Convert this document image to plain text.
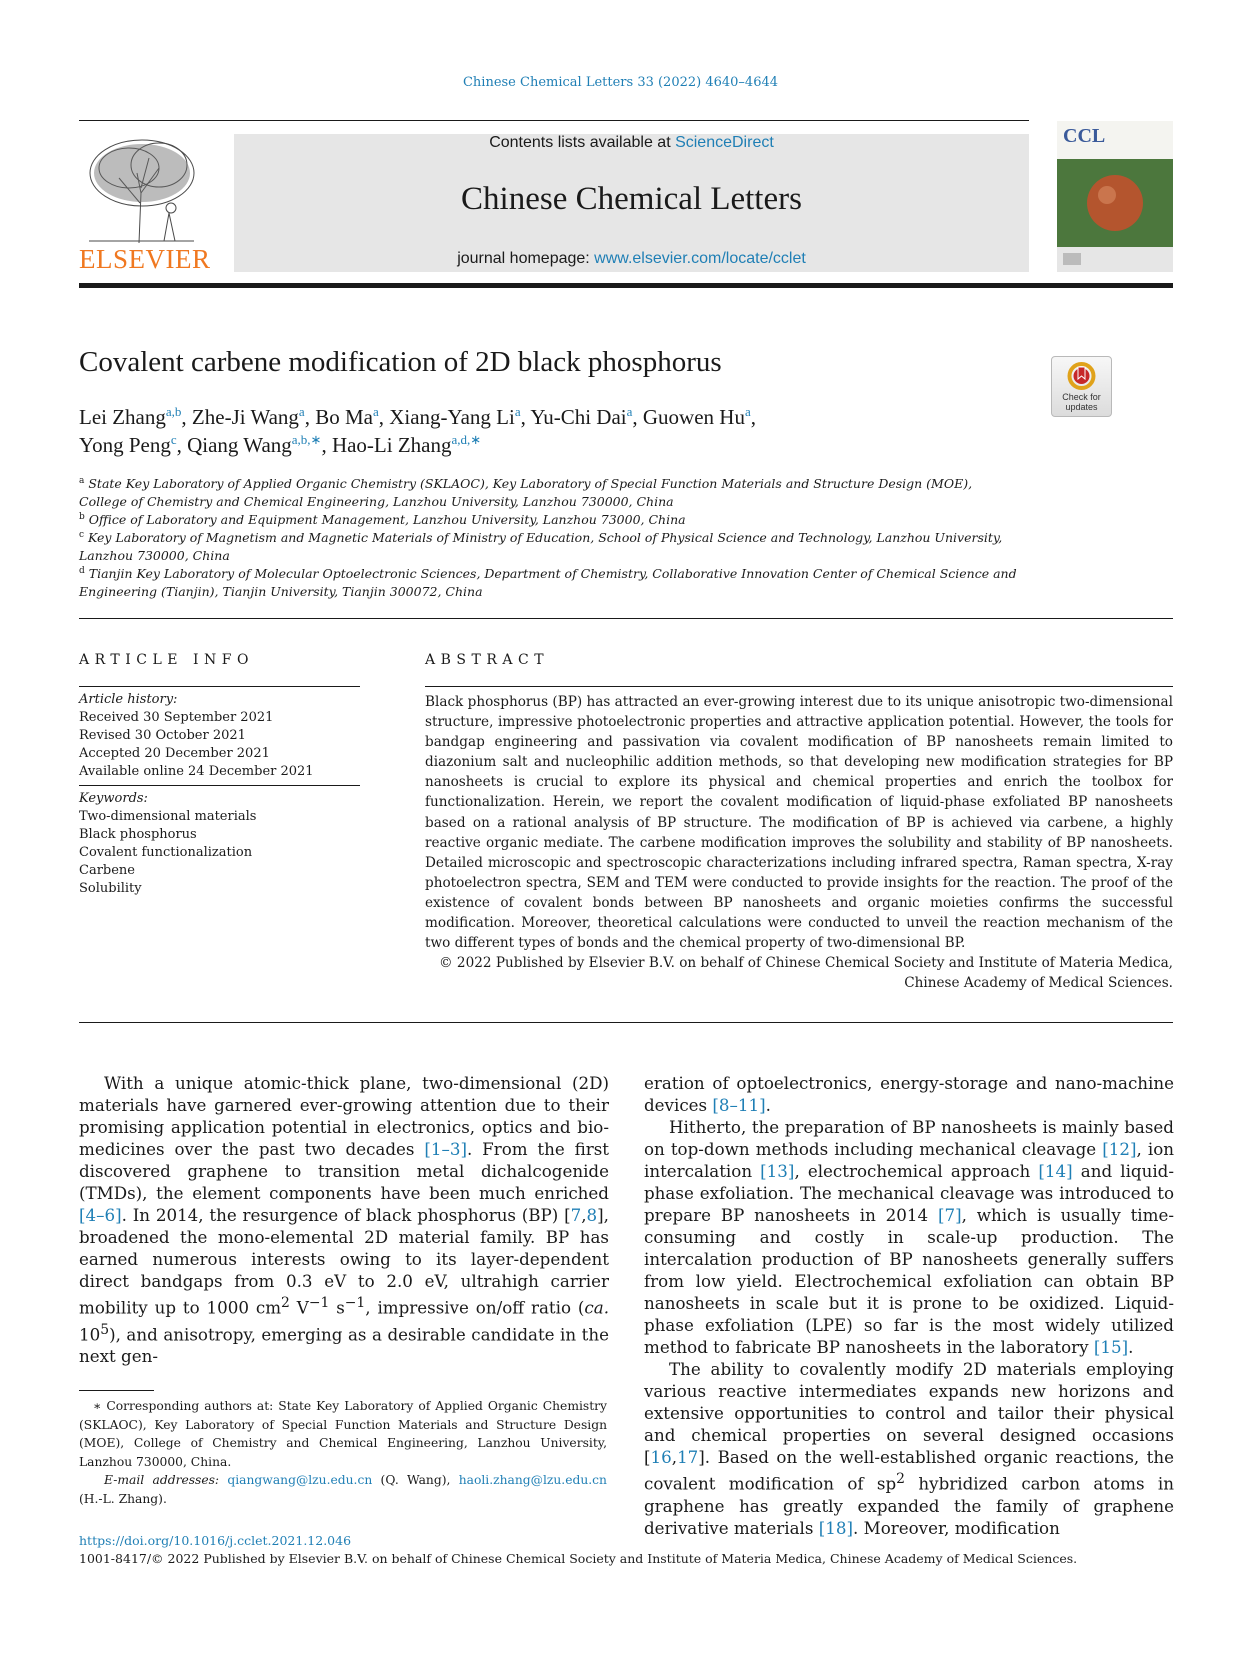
Chinese Chemical Letters 33 (2022) 4640–4644
ELSEVIER
Contents lists available at ScienceDirect
Chinese Chemical Letters
journal homepage: www.elsevier.com/locate/cclet
CCL
Covalent carbene modification of 2D black phosphorus
Check for updates
Lei Zhang$^{a,b}$, Zhe-Ji Wang$^a$, Bo Ma$^a$, Xiang-Yang Li$^a$, Yu-Chi Dai$^a$, Guowen Hu$^a$,
Yong Peng$^c$, Qiang Wang$^{a,b,∗}$, Hao-Li Zhang$^{a,d,∗}$
$^a$ State Key Laboratory of Applied Organic Chemistry (SKLAOC), Key Laboratory of Special Function Materials and Structure Design (MOE), College of Chemistry and Chemical Engineering, Lanzhou University, Lanzhou 730000, China
$^b$ Office of Laboratory and Equipment Management, Lanzhou University, Lanzhou 73000, China
$^c$ Key Laboratory of Magnetism and Magnetic Materials of Ministry of Education, School of Physical Science and Technology, Lanzhou University, Lanzhou 730000, China
$^d$ Tianjin Key Laboratory of Molecular Optoelectronic Sciences, Department of Chemistry, Collaborative Innovation Center of Chemical Science and Engineering (Tianjin), Tianjin University, Tianjin 300072, China
ARTICLE INFO	ABSTRACT
Article history:
Received 30 September 2021
Revised 30 October 2021
Accepted 20 December 2021
Available online 24 December 2021
Keywords:
Two-dimensional materials
Black phosphorus
Covalent functionalization
Carbene
Solubility
Black phosphorus (BP) has attracted an ever-growing interest due to its unique anisotropic two-dimensional structure, impressive photoelectronic properties and attractive application potential. However, the tools for bandgap engineering and passivation via covalent modification of BP nanosheets remain limited to diazonium salt and nucleophilic addition methods, so that developing new modification strategies for BP nanosheets is crucial to explore its physical and chemical properties and enrich the toolbox for functionalization. Herein, we report the covalent modification of liquid-phase exfoliated BP nanosheets based on a rational analysis of BP structure. The modification of BP is achieved via carbene, a highly reactive organic mediate. The carbene modification improves the solubility and stability of BP nanosheets. Detailed microscopic and spectroscopic characterizations including infrared spectra, Raman spectra, X-ray photoelectron spectra, SEM and TEM were conducted to provide insights for the reaction. The proof of the existence of covalent bonds between BP nanosheets and organic moieties confirms the successful modification. Moreover, theoretical calculations were conducted to unveil the reaction mechanism of the two different types of bonds and the chemical property of two-dimensional BP.
© 2022 Published by Elsevier B.V. on behalf of Chinese Chemical Society and Institute of Materia Medica, Chinese Academy of Medical Sciences.

With a unique atomic-thick plane, two-dimensional (2D) materials have garnered ever-growing attention due to their promising application potential in electronics, optics and bio-medicines over the past two decades [1–3]. From the first discovered graphene to transition metal dichalcogenide (TMDs), the element components have been much enriched [4–6]. In 2014, the resurgence of black phosphorus (BP) [7,8], broadened the mono-elemental 2D material family. BP has earned numerous interests owing to its layer-dependent direct bandgaps from 0.3 eV to 2.0 eV, ultrahigh carrier mobility up to 1000 $cm^2$ $V^{-1}$ $s^{-1}$, impressive on/off ratio (ca. $10^5$), and anisotropy, emerging as a desirable candidate in the next gen-

eration of optoelectronics, energy-storage and nano-machine devices [8–11].

Hitherto, the preparation of BP nanosheets is mainly based on top-down methods including mechanical cleavage [12], ion intercalation [13], electrochemical approach [14] and liquid-phase exfoliation. The mechanical cleavage was introduced to prepare BP nanosheets in 2014 [7], which is usually time-consuming and costly in scale-up production. The intercalation production of BP nanosheets generally suffers from low yield. Electrochemical exfoliation can obtain BP nanosheets in scale but it is prone to be oxidized. Liquid-phase exfoliation (LPE) so far is the most widely utilized method to fabricate BP nanosheets in the laboratory [15].

The ability to covalently modify 2D materials employing various reactive intermediates expands new horizons and extensive opportunities to control and tailor their physical and chemical properties on several designed occasions [16,17]. Based on the well-established organic reactions, the covalent modification of $sp^2$ hybridized carbon atoms in graphene has greatly expanded the family of graphene derivative materials [18]. Moreover, modification

∗ Corresponding authors at: State Key Laboratory of Applied Organic Chemistry (SKLAOC), Key Laboratory of Special Function Materials and Structure Design (MOE), College of Chemistry and Chemical Engineering, Lanzhou University, Lanzhou 730000, China.
E-mail addresses: qiangwang@lzu.edu.cn (Q. Wang), haoli.zhang@lzu.edu.cn (H.-L. Zhang).
https://doi.org/10.1016/j.cclet.2021.12.046
1001-8417/© 2022 Published by Elsevier B.V. on behalf of Chinese Chemical Society and Institute of Materia Medica, Chinese Academy of Medical Sciences.
